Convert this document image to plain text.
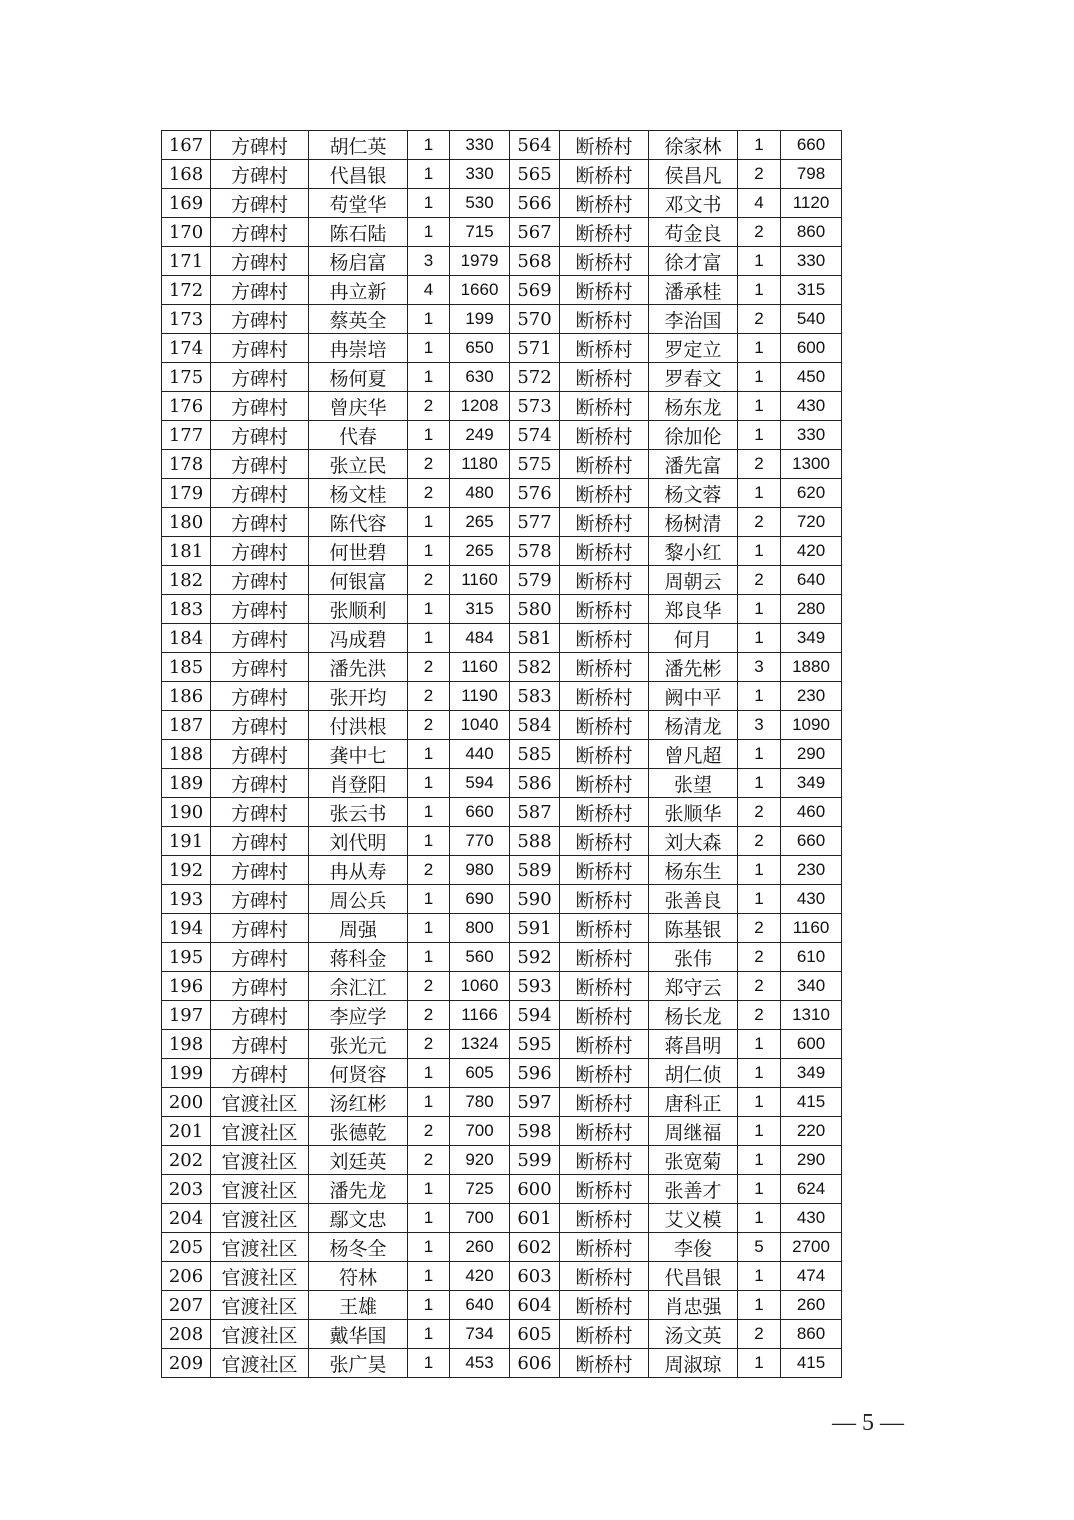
167	方碑村	胡仁英	1	330	564	断桥村	徐家林	1	660
168	方碑村	代昌银	1	330	565	断桥村	侯昌凡	2	798
169	方碑村	苟堂华	1	530	566	断桥村	邓文书	4	1120
170	方碑村	陈石陆	1	715	567	断桥村	苟金良	2	860
171	方碑村	杨启富	3	1979	568	断桥村	徐才富	1	330
172	方碑村	冉立新	4	1660	569	断桥村	潘承桂	1	315
173	方碑村	蔡英全	1	199	570	断桥村	李治国	2	540
174	方碑村	冉崇培	1	650	571	断桥村	罗定立	1	600
175	方碑村	杨何夏	1	630	572	断桥村	罗春文	1	450
176	方碑村	曾庆华	2	1208	573	断桥村	杨东龙	1	430
177	方碑村	代春	1	249	574	断桥村	徐加伦	1	330
178	方碑村	张立民	2	1180	575	断桥村	潘先富	2	1300
179	方碑村	杨文桂	2	480	576	断桥村	杨文蓉	1	620
180	方碑村	陈代容	1	265	577	断桥村	杨树清	2	720
181	方碑村	何世碧	1	265	578	断桥村	黎小红	1	420
182	方碑村	何银富	2	1160	579	断桥村	周朝云	2	640
183	方碑村	张顺利	1	315	580	断桥村	郑良华	1	280
184	方碑村	冯成碧	1	484	581	断桥村	何月	1	349
185	方碑村	潘先洪	2	1160	582	断桥村	潘先彬	3	1880
186	方碑村	张开均	2	1190	583	断桥村	阙中平	1	230
187	方碑村	付洪根	2	1040	584	断桥村	杨清龙	3	1090
188	方碑村	龚中七	1	440	585	断桥村	曾凡超	1	290
189	方碑村	肖登阳	1	594	586	断桥村	张望	1	349
190	方碑村	张云书	1	660	587	断桥村	张顺华	2	460
191	方碑村	刘代明	1	770	588	断桥村	刘大森	2	660
192	方碑村	冉从寿	2	980	589	断桥村	杨东生	1	230
193	方碑村	周公兵	1	690	590	断桥村	张善良	1	430
194	方碑村	周强	1	800	591	断桥村	陈基银	2	1160
195	方碑村	蒋科金	1	560	592	断桥村	张伟	2	610
196	方碑村	余汇江	2	1060	593	断桥村	郑守云	2	340
197	方碑村	李应学	2	1166	594	断桥村	杨长龙	2	1310
198	方碑村	张光元	2	1324	595	断桥村	蒋昌明	1	600
199	方碑村	何贤容	1	605	596	断桥村	胡仁侦	1	349
200	官渡社区	汤红彬	1	780	597	断桥村	唐科正	1	415
201	官渡社区	张德乾	2	700	598	断桥村	周继福	1	220
202	官渡社区	刘廷英	2	920	599	断桥村	张宽菊	1	290
203	官渡社区	潘先龙	1	725	600	断桥村	张善才	1	624
204	官渡社区	鄢文忠	1	700	601	断桥村	艾义模	1	430
205	官渡社区	杨冬全	1	260	602	断桥村	李俊	5	2700
206	官渡社区	符林	1	420	603	断桥村	代昌银	1	474
207	官渡社区	王雄	1	640	604	断桥村	肖忠强	1	260
208	官渡社区	戴华国	1	734	605	断桥村	汤文英	2	860
209	官渡社区	张广昊	1	453	606	断桥村	周淑琼	1	415
— 5 —
